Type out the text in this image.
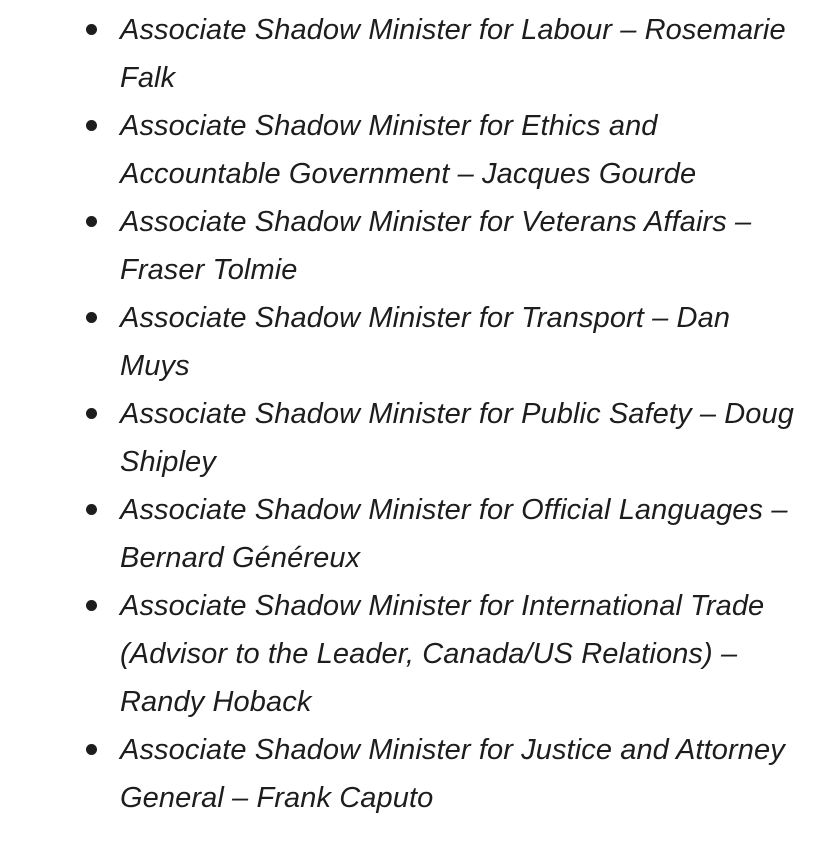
Associate Shadow Minister for Labour – Rosemarie Falk
Associate Shadow Minister for Ethics and Accountable Government – Jacques Gourde
Associate Shadow Minister for Veterans Affairs – Fraser Tolmie
Associate Shadow Minister for Transport – Dan Muys
Associate Shadow Minister for Public Safety – Doug Shipley
Associate Shadow Minister for Official Languages – Bernard Généreux
Associate Shadow Minister for International Trade (Advisor to the Leader, Canada/US Relations) – Randy Hoback
Associate Shadow Minister for Justice and Attorney General – Frank Caputo
